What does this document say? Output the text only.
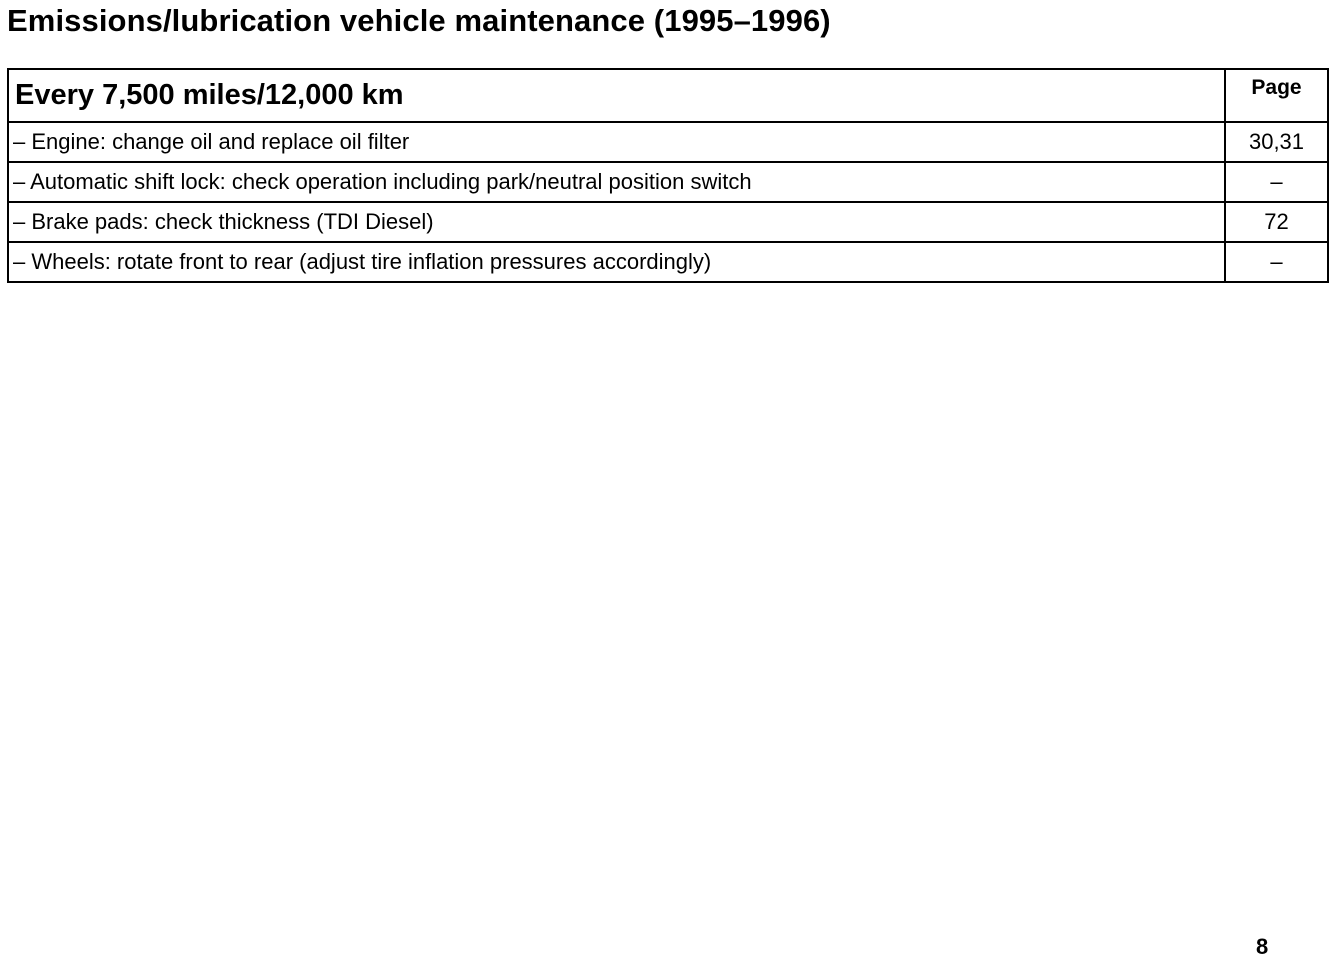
Emissions/lubrication vehicle maintenance (1995–1996)
Every 7,500 miles/12,000 km	Page
– Engine: change oil and replace oil filter	30,31
– Automatic shift lock: check operation including park/neutral position switch	–
– Brake pads: check thickness (TDI Diesel)	72
– Wheels: rotate front to rear (adjust tire inflation pressures accordingly)	–
8
